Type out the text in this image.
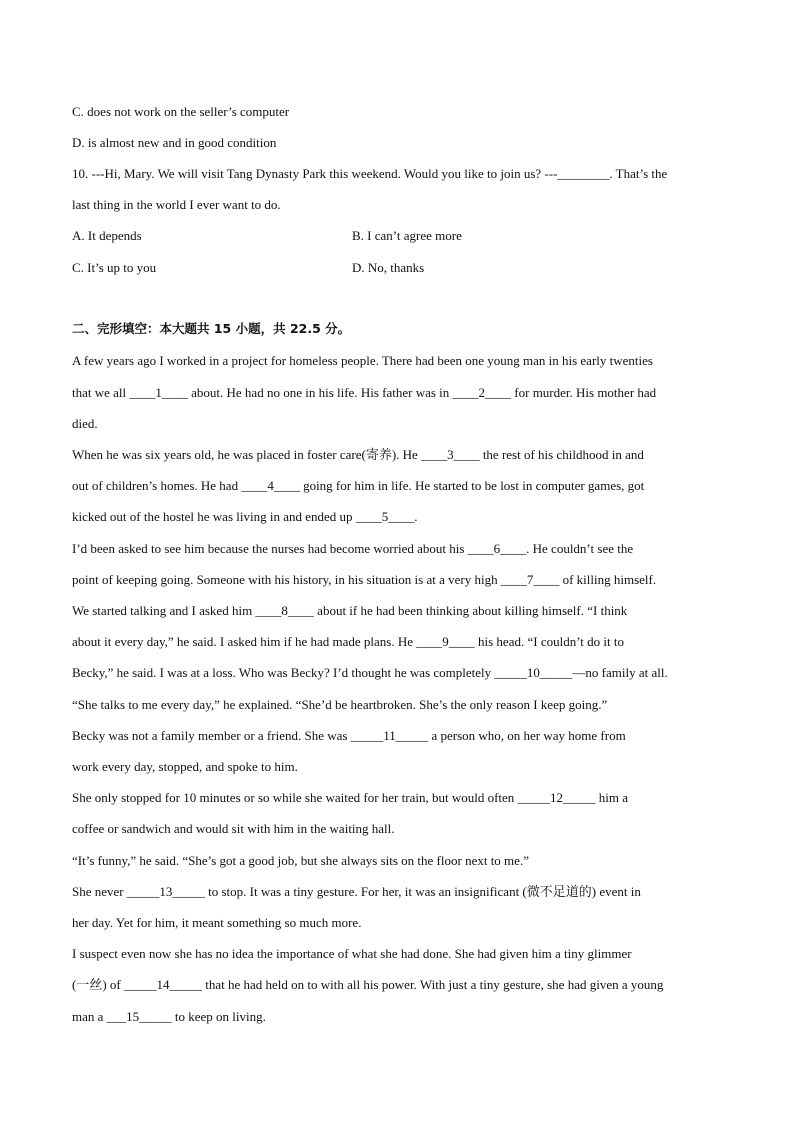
C. does not work on the seller’s computer
D. is almost new and in good condition
10. ---Hi, Mary. We will visit Tang Dynasty Park this weekend. Would you like to join us? ---________. That’s the
last thing in the world I ever want to do.
A. It depends	B. I can’t agree more
C. It’s up to you	D. No, thanks
二、完形填空：本大题共 15 小题，共 22.5 分。
A few years ago I worked in a project for homeless people. There had been one young man in his early twenties
that we all ____1____ about. He had no one in his life. His father was in ____2____ for murder. His mother had
died.
When he was six years old, he was placed in foster care(寄养). He ____3____ the rest of his childhood in and
out of children’s homes. He had ____4____ going for him in life. He started to be lost in computer games, got
kicked out of the hostel he was living in and ended up ____5____.
I’d been asked to see him because the nurses had become worried about his ____6____. He couldn’t see the
point of keeping going. Someone with his history, in his situation is at a very high ____7____ of killing himself.
We started talking and I asked him ____8____ about if he had been thinking about killing himself. “I think
about it every day,” he said. I asked him if he had made plans. He ____9____ his head. “I couldn’t do it to
Becky,” he said. I was at a loss. Who was Becky? I’d thought he was completely _____10_____—no family at all.
“She talks to me every day,” he explained. “She’d be heartbroken. She’s the only reason I keep going.”
Becky was not a family member or a friend. She was _____11_____ a person who, on her way home from
work every day, stopped, and spoke to him.
She only stopped for 10 minutes or so while she waited for her train, but would often _____12_____ him a
coffee or sandwich and would sit with him in the waiting hall.
“It’s funny,” he said. “She’s got a good job, but she always sits on the floor next to me.”
She never _____13_____ to stop. It was a tiny gesture. For her, it was an insignificant (微不足道的) event in
her day. Yet for him, it meant something so much more.
I suspect even now she has no idea the importance of what she had done. She had given him a tiny glimmer
(一丝) of _____14_____ that he had held on to with all his power. With just a tiny gesture, she had given a young
man a ___15_____ to keep on living.
